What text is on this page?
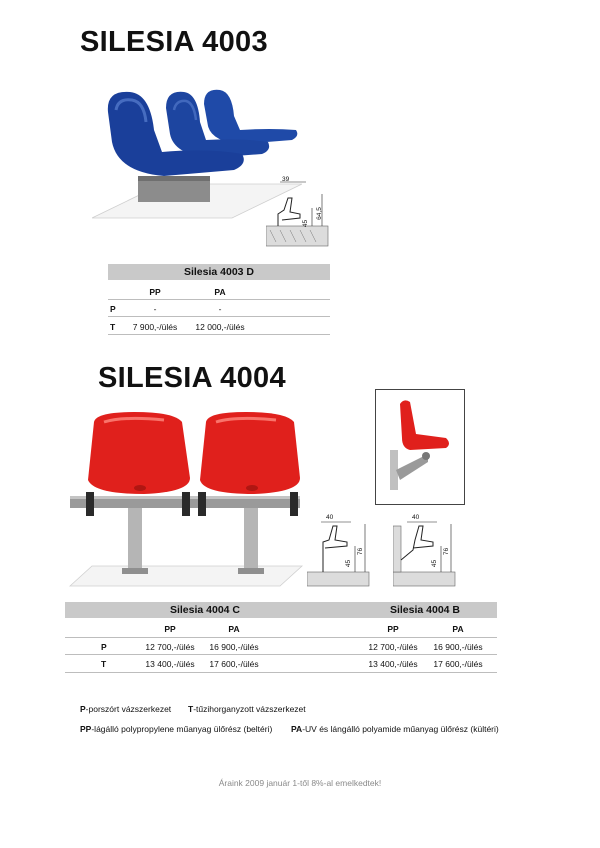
SILESIA 4003
39
45
64,5
Silesia 4003 D
PP	PA
P	-	-
T	7 900,-/ülés	12 000,-/ülés
SILESIA 4004
40
45
76
40
45
76
Silesia 4004 C	Silesia 4004 B
PP	PA	PP	PA
P	12 700,-/ülés	16 900,-/ülés	12 700,-/ülés	16 900,-/ülés
T	13 400,-/ülés	17 600,-/ülés	13 400,-/ülés	17 600,-/ülés
P-porszórt vázszerkezet T-tűzihorganyzott vázszerkezet
PP-lágálló polypropylene műanyag ülőrész (beltéri) PA-UV és lángálló polyamide műanyag ülőrész (kültéri)
Áraink 2009 január 1-től 8%-al emelkedtek!
